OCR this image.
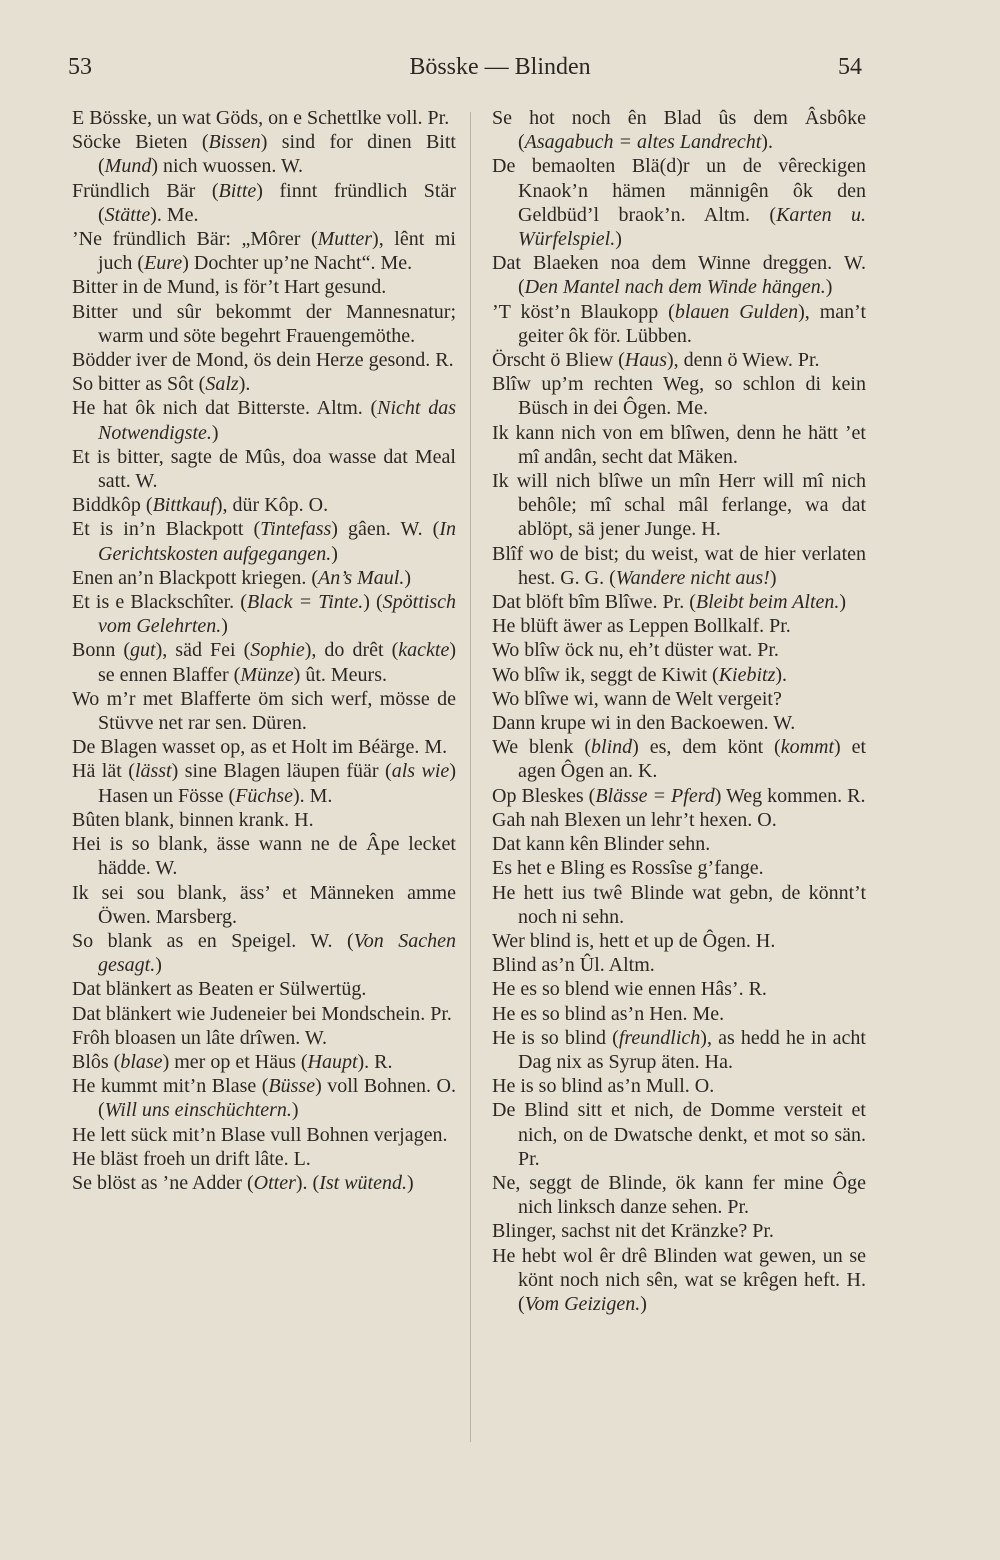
53	Bösske — Blinden	54

E Bösske, un wat Göds, on e Schettlke voll. Pr.

Söcke Bieten (Bissen) sind for dinen Bitt (Mund) nich wuossen. W.

Fründlich Bär (Bitte) finnt fründlich Stär (Stätte). Me.

’Ne fründlich Bär: „Môrer (Mutter), lênt mi juch (Eure) Dochter up’ne Nacht“. Me.

Bitter in de Mund, is för’t Hart gesund.

Bitter und sûr bekommt der Mannesnatur; warm und söte begehrt Frauengemöthe.

Bödder iver de Mond, ös dein Herze gesond. R.

So bitter as Sôt (Salz).

He hat ôk nich dat Bitterste. Altm. (Nicht das Notwendigste.)

Et is bitter, sagte de Mûs, doa wasse dat Meal satt. W.

Biddkôp (Bittkauf), dür Kôp. O.

Et is in’n Blackpott (Tintefass) gâen. W. (In Gerichtskosten aufgegangen.)

Enen an’n Blackpott kriegen. (An’s Maul.)

Et is e Blackschîter. (Black = Tinte.) (Spöttisch vom Gelehrten.)

Bonn (gut), säd Fei (Sophie), do drêt (kackte) se ennen Blaffer (Münze) ût. Meurs.

Wo m’r met Blafferte öm sich werf, mösse de Stüvve net rar sen. Düren.

De Blagen wasset op, as et Holt im Béärge. M.

Hä lät (lässt) sine Blagen läupen füär (als wie) Hasen un Fösse (Füchse). M.

Bûten blank, binnen krank. H.

Hei is so blank, ässe wann ne de Âpe lecket hädde. W.

Ik sei sou blank, äss’ et Männeken amme Öwen. Marsberg.

So blank as en Speigel. W. (Von Sachen gesagt.)

Dat blänkert as Beaten er Sülwertüg.

Dat blänkert wie Judeneier bei Mondschein. Pr.

Frôh bloasen un lâte drîwen. W.

Blôs (blase) mer op et Häus (Haupt). R.

He kummt mit’n Blase (Büsse) voll Bohnen. O. (Will uns einschüchtern.)

He lett sück mit’n Blase vull Bohnen verjagen.

He bläst froeh un drift lâte. L.

Se blöst as ’ne Adder (Otter). (Ist wütend.)

Se hot noch ên Blad ûs dem Âsbôke (Asagabuch = altes Landrecht).

De bemaolten Blä(d)r un de vêreckigen Knaok’n hämen männigên ôk den Geldbüd’l braok’n. Altm. (Karten u. Würfelspiel.)

Dat Blaeken noa dem Winne dreggen. W. (Den Mantel nach dem Winde hängen.)

’T köst’n Blaukopp (blauen Gulden), man’t geiter ôk för. Lübben.

Örscht ö Bliew (Haus), denn ö Wiew. Pr.

Blîw up’m rechten Weg, so schlon di kein Büsch in dei Ôgen. Me.

Ik kann nich von em blîwen, denn he hätt ’et mî andân, secht dat Mäken.

Ik will nich blîwe un mîn Herr will mî nich behôle; mî schal mâl ferlange, wa dat ablöpt, sä jener Junge. H.

Blîf wo de bist; du weist, wat de hier verlaten hest. G. G. (Wandere nicht aus!)

Dat blöft bîm Blîwe. Pr. (Bleibt beim Alten.)

He blüft äwer as Leppen Bollkalf. Pr.

Wo blîw öck nu, eh’t düster wat. Pr.

Wo blîw ik, seggt de Kiwit (Kiebitz).

Wo blîwe wi, wann de Welt vergeit?

Dann krupe wi in den Backoewen. W.

We blenk (blind) es, dem könt (kommt) et agen Ôgen an. K.

Op Bleskes (Blässe = Pferd) Weg kommen. R.

Gah nah Blexen un lehr’t hexen. O.

Dat kann kên Blinder sehn.

Es het e Bling es Rossîse g’fange.

He hett ius twê Blinde wat gebn, de könnt’t noch ni sehn.

Wer blind is, hett et up de Ôgen. H.

Blind as’n Ûl. Altm.

He es so blend wie ennen Hâs’. R.

He es so blind as’n Hen. Me.

He is so blind (freundlich), as hedd he in acht Dag nix as Syrup äten. Ha.

He is so blind as’n Mull. O.

De Blind sitt et nich, de Domme versteit et nich, on de Dwatsche denkt, et mot so sän. Pr.

Ne, seggt de Blinde, ök kann fer mine Ôge nich linksch danze sehen. Pr.

Blinger, sachst nit det Kränzke? Pr.

He hebt wol êr drê Blinden wat gewen, un se könt noch nich sên, wat se krêgen heft. H. (Vom Geizigen.)
